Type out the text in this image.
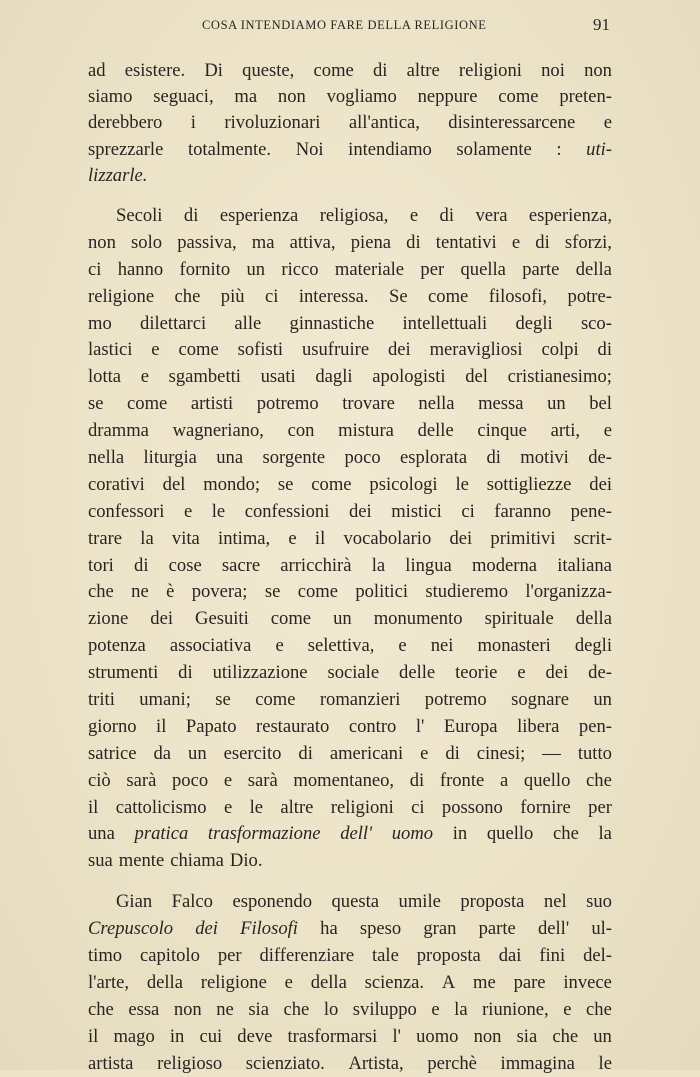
COSA INTENDIAMO FARE DELLA RELIGIONE	91
ad esistere. Di queste, come di altre religioni noi non
siamo seguaci, ma non vogliamo neppure come preten-
derebbero i rivoluzionari all'antica, disinteressarcene e
sprezzarle totalmente. Noi intendiamo solamente : uti-
lizzarle.
Secoli di esperienza religiosa, e di vera esperienza,
non solo passiva, ma attiva, piena di tentativi e di sforzi,
ci hanno fornito un ricco materiale per quella parte della
religione che più ci interessa. Se come filosofi, potre-
mo dilettarci alle ginnastiche intellettuali degli sco-
lastici e come sofisti usufruire dei meravigliosi colpi di
lotta e sgambetti usati dagli apologisti del cristianesimo;
se come artisti potremo trovare nella messa un bel
dramma wagneriano, con mistura delle cinque arti, e
nella liturgia una sorgente poco esplorata di motivi de-
corativi del mondo; se come psicologi le sottigliezze dei
confessori e le confessioni dei mistici ci faranno pene-
trare la vita intima, e il vocabolario dei primitivi scrit-
tori di cose sacre arricchirà la lingua moderna italiana
che ne è povera; se come politici studieremo l'organizza-
zione dei Gesuiti come un monumento spirituale della
potenza associativa e selettiva, e nei monasteri degli
strumenti di utilizzazione sociale delle teorie e dei de-
triti umani; se come romanzieri potremo sognare un
giorno il Papato restaurato contro l' Europa libera pen-
satrice da un esercito di americani e di cinesi; — tutto
ciò sarà poco e sarà momentaneo, di fronte a quello che
il cattolicismo e le altre religioni ci possono fornire per
una pratica trasformazione dell' uomo in quello che la
sua mente chiama Dio.
Gian Falco esponendo questa umile proposta nel suo
Crepuscolo dei Filosofi ha speso gran parte dell' ul-
timo capitolo per differenziare tale proposta dai fini del-
l'arte, della religione e della scienza. A me pare invece
che essa non ne sia che lo sviluppo e la riunione, e che
il mago in cui deve trasformarsi l' uomo non sia che un
artista religioso scienziato. Artista, perchè immagina le
